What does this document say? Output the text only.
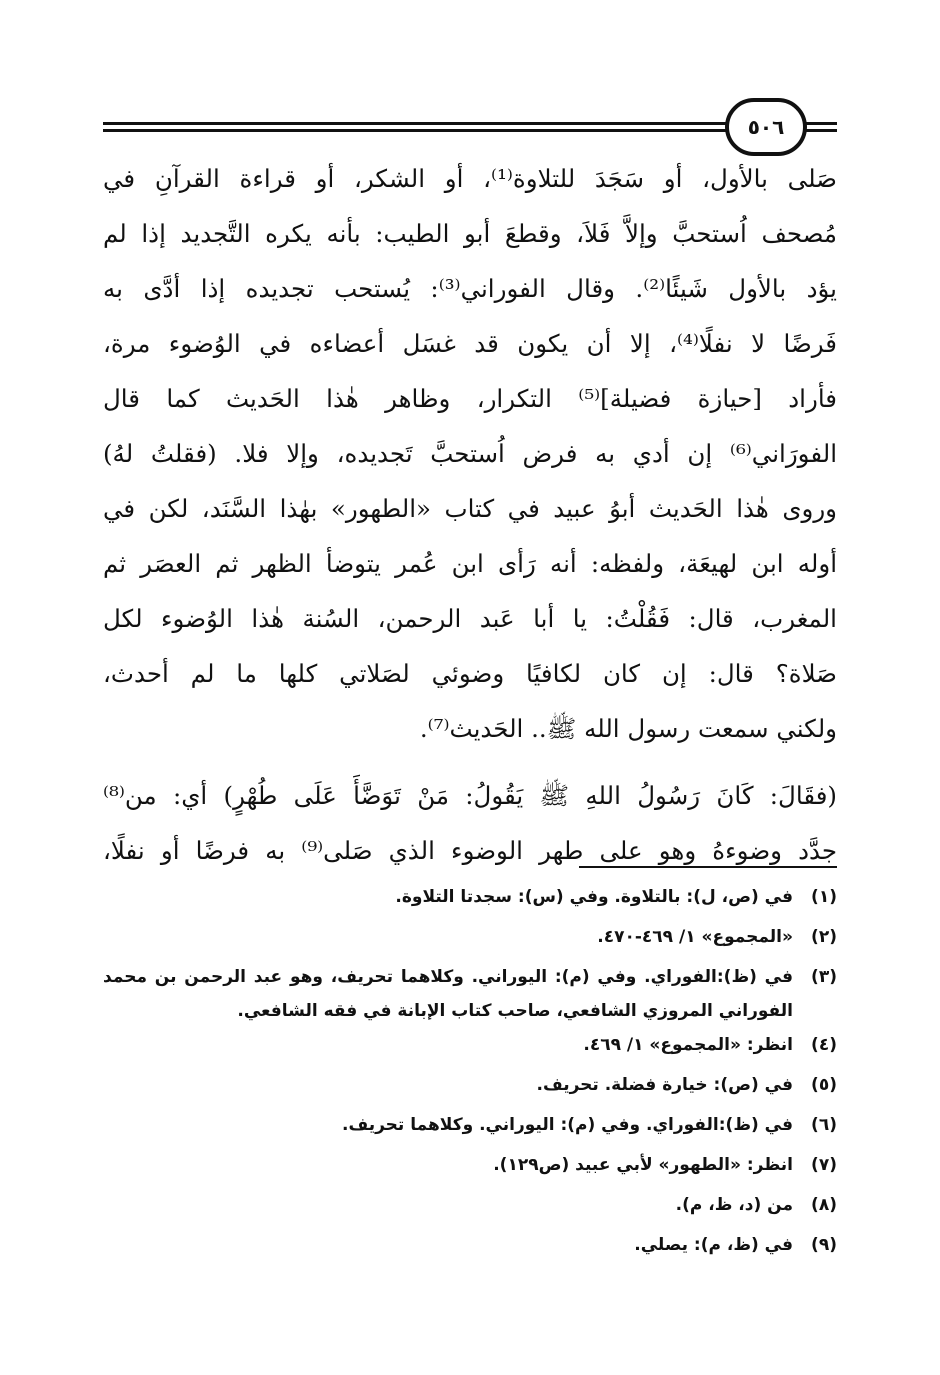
٥٠٦
صَلى بالأول، أو سَجَدَ للتلاوة⁽¹⁾، أو الشكر، أو قراءة القرآنِ في
مُصحف اُستحبَّ وإلاَّ فَلاَ، وقطعَ أبو الطيب: بأنه يكره التَّجديد إذا لم
يؤد بالأول شَيئًا⁽²⁾. وقال الفوراني⁽³⁾: يُستحب تجديده إذا أدَّى به
فَرضًا لا نفلًا⁽⁴⁾، إلا أن يكون قد غسَل أعضاءه في الوُضوء مرة،
فأراد [حيازة فضيلة]⁽⁵⁾ التكرار، وظاهر هٰذا الحَديث كما قال
الفورَاني⁽⁶⁾ إن أدي به فرض اُستحبَّ تَجديده، وإلا فلا. (فقلتُ لهُ)
وروى هٰذا الحَديث أبوُ عبيد في كتاب «الطهور» بهٰذا السَّنَد، لكن في
أوله ابن لهيعَة، ولفظه: أنه رَأى ابن عُمر يتوضأ الظهر ثم العصَر ثم
المغرب، قال: فَقُلْتُ: يا أبا عَبد الرحمن، السُنة هٰذا الوُضوء لكل
صَلاة؟ قال: إن كان لكافيًا وضوئي لصَلاتي كلها ما لم أحدث،
ولكني سمعت رسول الله ﷺ.. الحَديث⁽⁷⁾.
(فقَالَ: كَانَ رَسُولُ اللهِ ﷺ يَقُولُ: مَنْ تَوَضَّأَ عَلَى طُهْرٍ) أي: من⁽⁸⁾
جدَّد وضوءهُ وهو على طهر الوضوء الذي صَلى⁽⁹⁾ به فرضًا أو نفلًا،
(١)
في (ص، ل): بالتلاوة. وفي (س): سجدتا التلاوة.
(٢)
«المجموع» ١/ ٤٦٩-٤٧٠.
(٣)
في (ظ):الفوراي. وفي (م): اليوراني. وكلاهما تحريف، وهو عبد الرحمن بن محمد الفوراني المروزي الشافعي، صاحب كتاب الإبانة في فقه الشافعي.
(٤)
انظر: «المجموع» ١/ ٤٦٩.
(٥)
في (ص): خيارة فضلة. تحريف.
(٦)
في (ظ):الفوراي. وفي (م): اليوراني. وكلاهما تحريف.
(٧)
انظر: «الطهور» لأبي عبيد (ص١٢٩).
(٨)
من (د، ظ، م).
(٩)
في (ظ، م): يصلي.
